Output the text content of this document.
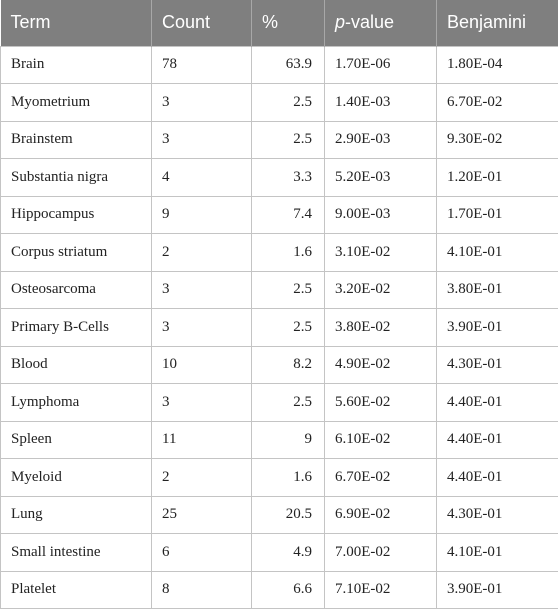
Term	Count	%	p-value	Benjamini
Brain	78	63.9	1.70E-06	1.80E-04
Myometrium	3	2.5	1.40E-03	6.70E-02
Brainstem	3	2.5	2.90E-03	9.30E-02
Substantia nigra	4	3.3	5.20E-03	1.20E-01
Hippocampus	9	7.4	9.00E-03	1.70E-01
Corpus striatum	2	1.6	3.10E-02	4.10E-01
Osteosarcoma	3	2.5	3.20E-02	3.80E-01
Primary B-Cells	3	2.5	3.80E-02	3.90E-01
Blood	10	8.2	4.90E-02	4.30E-01
Lymphoma	3	2.5	5.60E-02	4.40E-01
Spleen	11	9	6.10E-02	4.40E-01
Myeloid	2	1.6	6.70E-02	4.40E-01
Lung	25	20.5	6.90E-02	4.30E-01
Small intestine	6	4.9	7.00E-02	4.10E-01
Platelet	8	6.6	7.10E-02	3.90E-01
